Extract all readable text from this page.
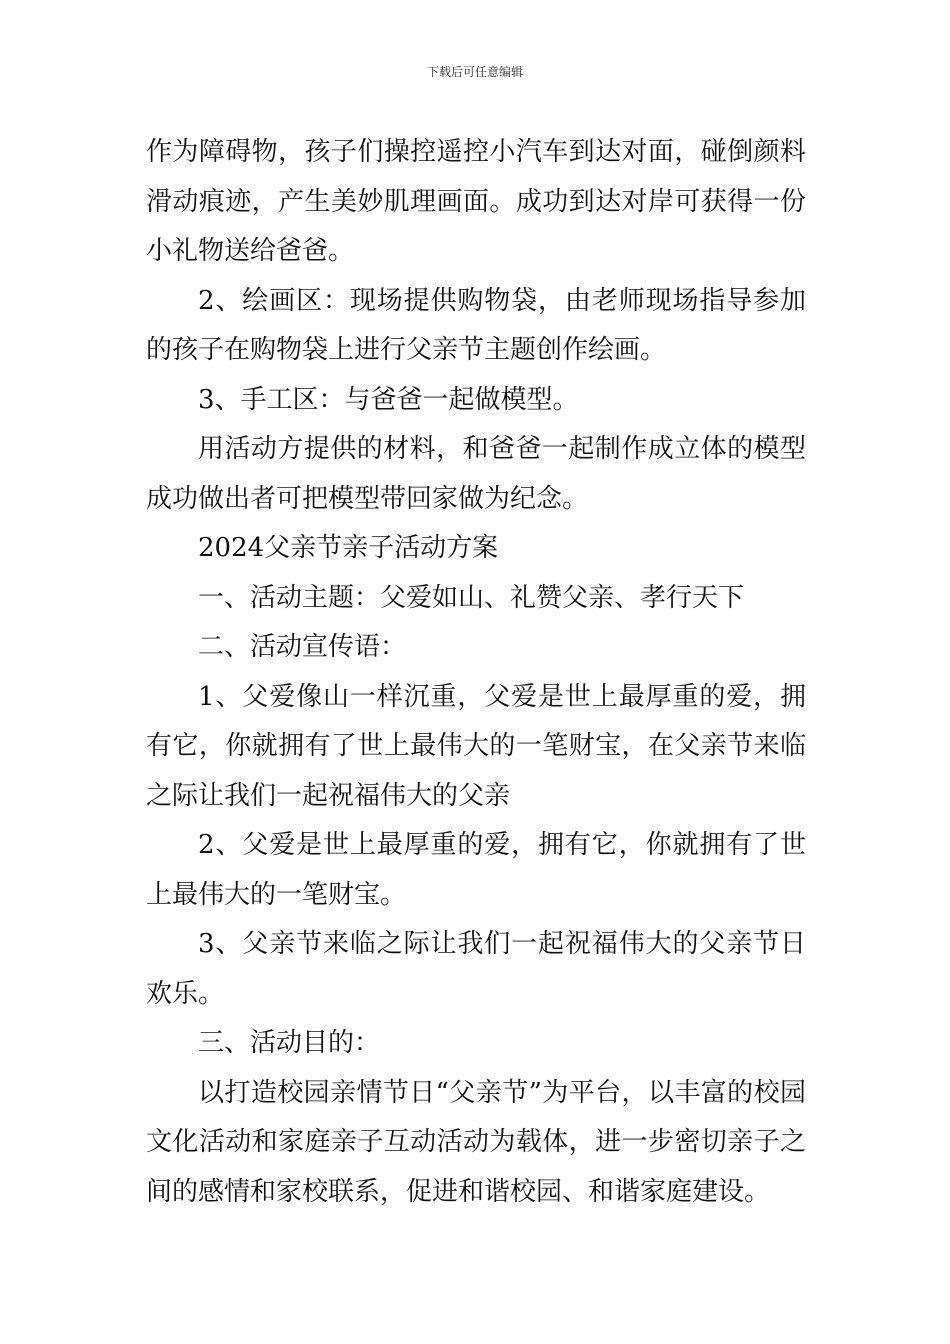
下载后可任意编辑

作为障碍物，孩子们操控遥控小汽车到达对面，碰倒颜料滑动痕迹，产生美妙肌理画面。成功到达对岸可获得一份小礼物送给爸爸。

2、绘画区：现场提供购物袋，由老师现场指导参加的孩子在购物袋上进行父亲节主题创作绘画。

3、手工区：与爸爸一起做模型。

用活动方提供的材料，和爸爸一起制作成立体的模型成功做出者可把模型带回家做为纪念。

2024父亲节亲子活动方案

一、活动主题：父爱如山、礼赞父亲、孝行天下

二、活动宣传语：

1、父爱像山一样沉重，父爱是世上最厚重的爱，拥有它，你就拥有了世上最伟大的一笔财宝，在父亲节来临之际让我们一起祝福伟大的父亲

2、父爱是世上最厚重的爱，拥有它，你就拥有了世上最伟大的一笔财宝。

3、父亲节来临之际让我们一起祝福伟大的父亲节日欢乐。

三、活动目的：

以打造校园亲情节日“父亲节”为平台，以丰富的校园文化活动和家庭亲子互动活动为载体，进一步密切亲子之间的感情和家校联系，促进和谐校园、和谐家庭建设。
